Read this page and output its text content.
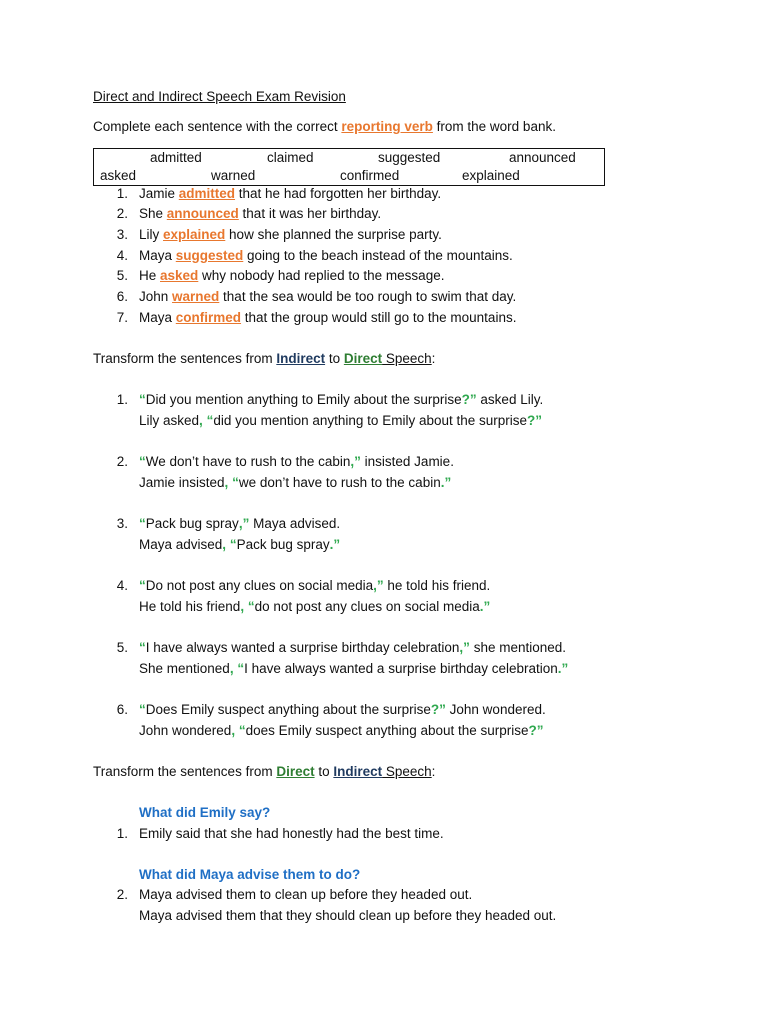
Direct and Indirect Speech Exam Revision
Complete each sentence with the correct reporting verb from the word bank.
admitted	claimed	suggested	announced
asked	warned	confirmed	explained
1. Jamie admitted that he had forgotten her birthday.
2. She announced that it was her birthday.
3. Lily explained how she planned the surprise party.
4. Maya suggested going to the beach instead of the mountains.
5. He asked why nobody had replied to the message.
6. John warned that the sea would be too rough to swim that day.
7. Maya confirmed that the group would still go to the mountains.
Transform the sentences from Indirect to Direct Speech:
1. “Did you mention anything to Emily about the surprise?” asked Lily.
Lily asked, “did you mention anything to Emily about the surprise?”
2. “We don’t have to rush to the cabin,” insisted Jamie.
Jamie insisted, “we don’t have to rush to the cabin.”
3. “Pack bug spray,” Maya advised.
Maya advised, “Pack bug spray.”
4. “Do not post any clues on social media,” he told his friend.
He told his friend, “do not post any clues on social media.”
5. “I have always wanted a surprise birthday celebration,” she mentioned.
She mentioned, “I have always wanted a surprise birthday celebration.”
6. “Does Emily suspect anything about the surprise?” John wondered.
John wondered, “does Emily suspect anything about the surprise?”
Transform the sentences from Direct to Indirect Speech:
What did Emily say?
1. Emily said that she had honestly had the best time.
What did Maya advise them to do?
2. Maya advised them to clean up before they headed out.
Maya advised them that they should clean up before they headed out.
